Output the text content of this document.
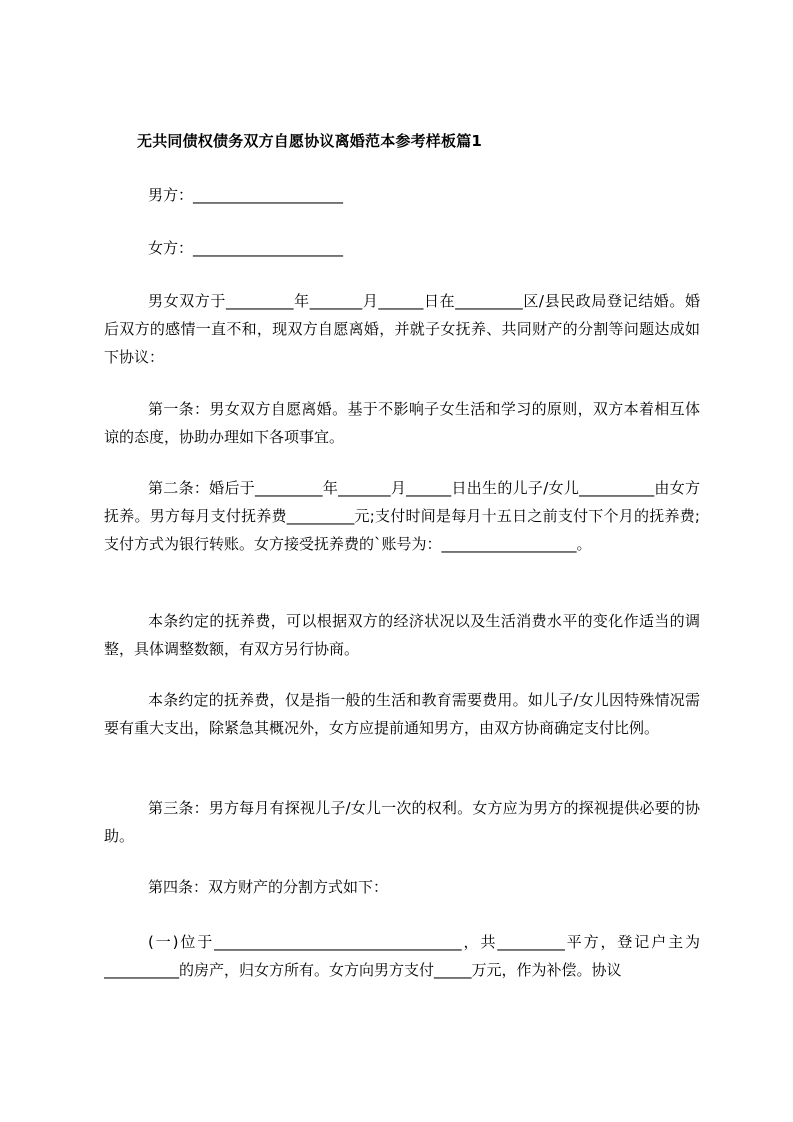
无共同债权债务双方自愿协议离婚范本参考样板篇1
男方：____________________
女方：____________________
男女双方于_________年_______月______日在_________区/县民政局登记结婚。婚后双方的感情一直不和，现双方自愿离婚，并就子女抚养、共同财产的分割等问题达成如下协议：
第一条：男女双方自愿离婚。基于不影响子女生活和学习的原则，双方本着相互体谅的态度，协助办理如下各项事宜。
第二条：婚后于_________年_______月______日出生的儿子/女儿__________由女方抚养。男方每月支付抚养费_________元;支付时间是每月十五日之前支付下个月的抚养费;支付方式为银行转账。女方接受抚养费的`账号为：__________________。
本条约定的抚养费，可以根据双方的经济状况以及生活消费水平的变化作适当的调整，具体调整数额，有双方另行协商。
本条约定的抚养费，仅是指一般的生活和教育需要费用。如儿子/女儿因特殊情况需要有重大支出，除紧急其概况外，女方应提前通知男方，由双方协商确定支付比例。
第三条：男方每月有探视儿子/女儿一次的权利。女方应为男方的探视提供必要的协助。
第四条：双方财产的分割方式如下：
(一)位于_________________________________，共_________平方，登记户主为__________的房产，归女方所有。女方向男方支付_____万元，作为补偿。协议
